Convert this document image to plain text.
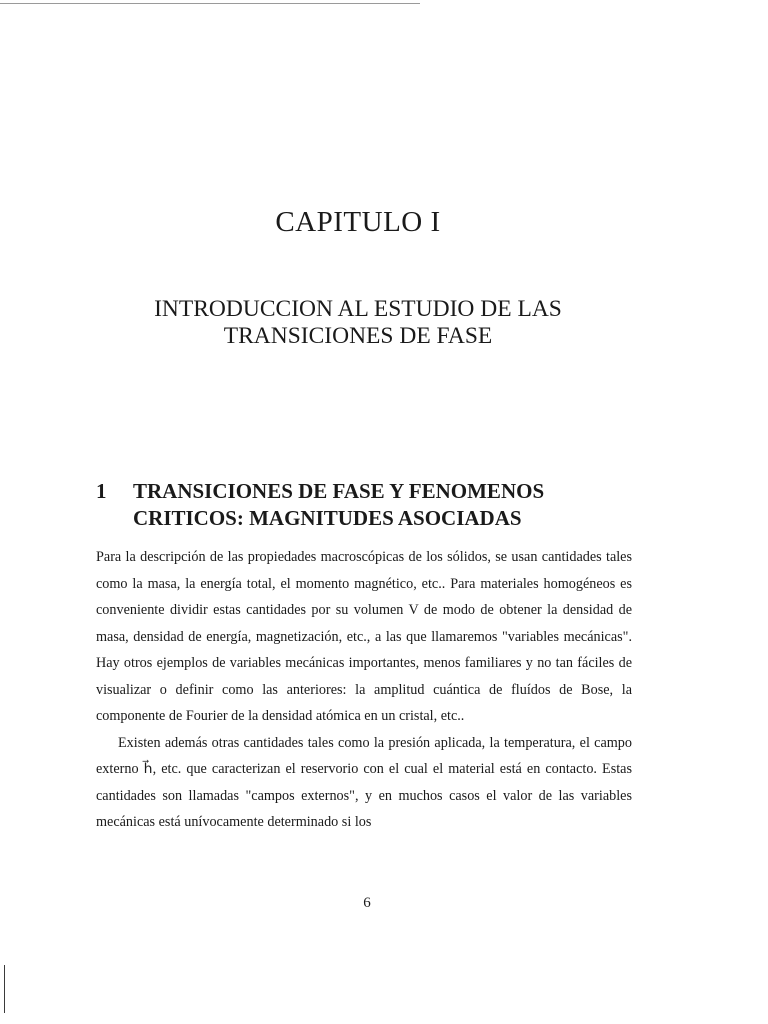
CAPITULO I
INTRODUCCION AL ESTUDIO DE LAS
TRANSICIONES DE FASE
1 TRANSICIONES DE FASE Y FENOMENOS
CRITICOS: MAGNITUDES ASOCIADAS

Para la descripción de las propiedades macroscópicas de los sólidos, se usan cantidades tales como la masa, la energía total, el momento magnético, etc.. Para materiales homogéneos es conveniente dividir estas cantidades por su volumen V de modo de obtener la densidad de masa, densidad de energía, magnetización, etc., a las que llamaremos "variables mecánicas". Hay otros ejemplos de variables mecánicas importantes, menos familiares y no tan fáciles de visualizar o definir como las anteriores: la amplitud cuántica de fluídos de Bose, la componente de Fourier de la densidad atómica en un cristal, etc..

Existen además otras cantidades tales como la presión aplicada, la temperatura, el campo externo h⃗, etc. que caracterizan el reservorio con el cual el material está en contacto. Estas cantidades son llamadas "campos externos", y en muchos casos el valor de las variables mecánicas está unívocamente determinado si los

6
